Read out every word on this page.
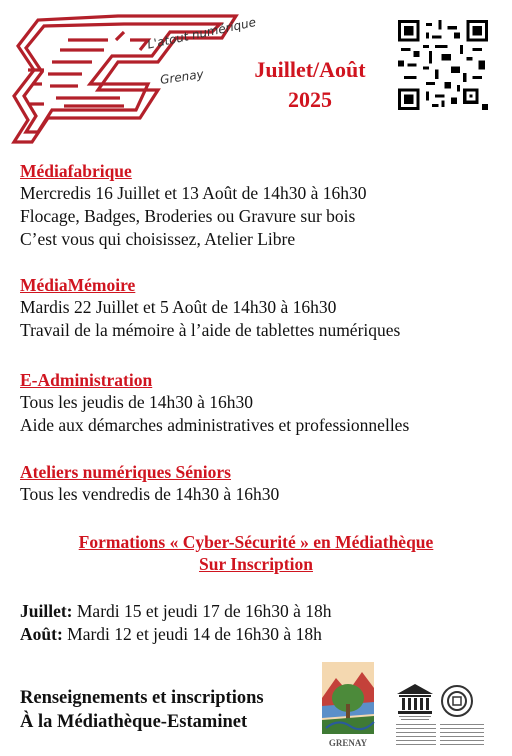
L'atout numérique
Grenay	Juillet/Août
2025
Médiafabrique
Mercredis 16 Juillet et 13 Août de 14h30 à 16h30
Flocage, Badges, Broderies ou Gravure sur bois
C’est vous qui choisissez, Atelier Libre
MédiaMémoire
Mardis 22 Juillet et 5 Août de 14h30 à 16h30
Travail de la mémoire à l’aide de tablettes numériques
E-Administration
Tous les jeudis de 14h30 à 16h30
Aide aux démarches administratives et professionnelles
Ateliers numériques Séniors
Tous les vendredis de 14h30 à 16h30
Formations « Cyber-Sécurité » en Médiathèque
Sur Inscription
Juillet: Mardi 15 et jeudi 17 de 16h30 à 18h
Août: Mardi 12 et jeudi 14 de 16h30 à 18h
Renseignements et inscriptions
À la Médiathèque-Estaminet
GRENAY
